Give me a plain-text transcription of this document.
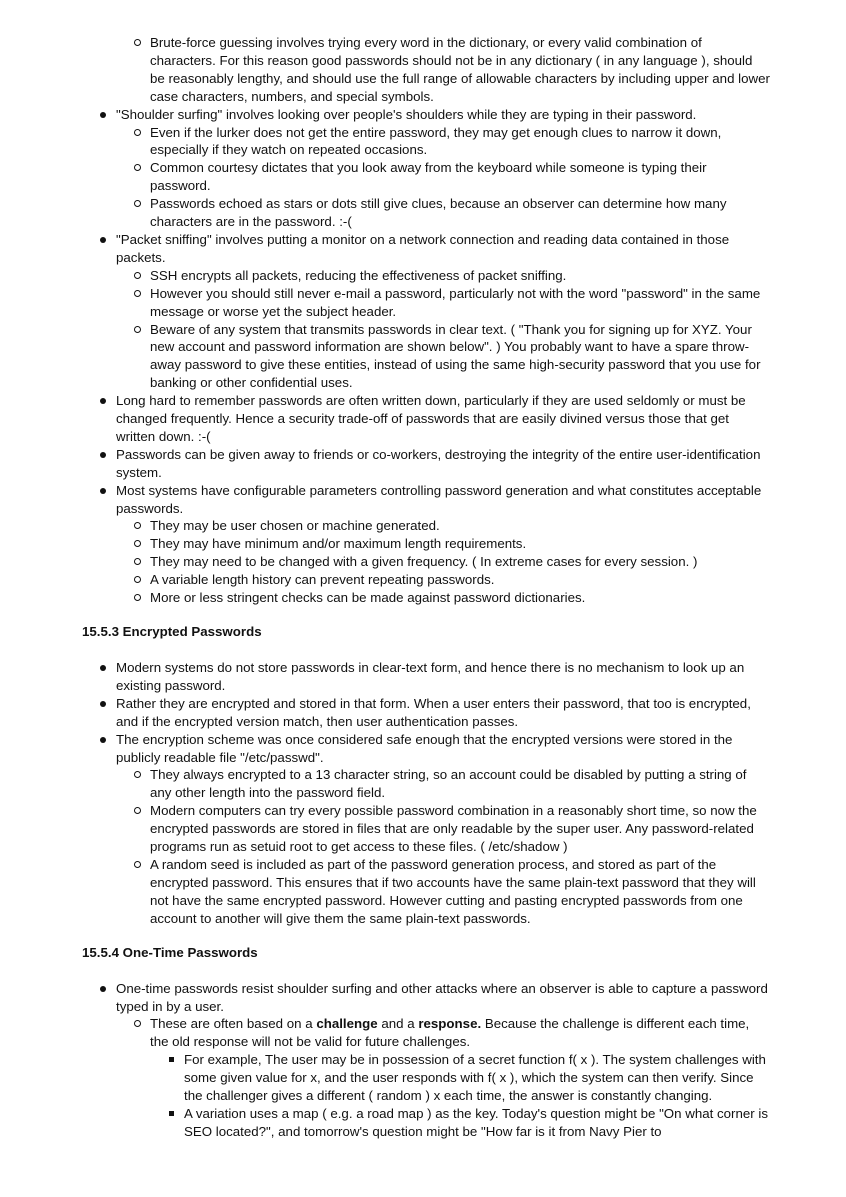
Brute-force guessing involves trying every word in the dictionary, or every valid combination of characters. For this reason good passwords should not be in any dictionary ( in any language ), should be reasonably lengthy, and should use the full range of allowable characters by including upper and lower case characters, numbers, and special symbols.
"Shoulder surfing" involves looking over people's shoulders while they are typing in their password.
Even if the lurker does not get the entire password, they may get enough clues to narrow it down, especially if they watch on repeated occasions.
Common courtesy dictates that you look away from the keyboard while someone is typing their password.
Passwords echoed as stars or dots still give clues, because an observer can determine how many characters are in the password. :-(
"Packet sniffing" involves putting a monitor on a network connection and reading data contained in those packets.
SSH encrypts all packets, reducing the effectiveness of packet sniffing.
However you should still never e-mail a password, particularly not with the word "password" in the same message or worse yet the subject header.
Beware of any system that transmits passwords in clear text. ( "Thank you for signing up for XYZ. Your new account and password information are shown below". ) You probably want to have a spare throw-away password to give these entities, instead of using the same high-security password that you use for banking or other confidential uses.
Long hard to remember passwords are often written down, particularly if they are used seldomly or must be changed frequently. Hence a security trade-off of passwords that are easily divined versus those that get written down. :-(
Passwords can be given away to friends or co-workers, destroying the integrity of the entire user-identification system.
Most systems have configurable parameters controlling password generation and what constitutes acceptable passwords.
They may be user chosen or machine generated.
They may have minimum and/or maximum length requirements.
They may need to be changed with a given frequency. ( In extreme cases for every session. )
A variable length history can prevent repeating passwords.
More or less stringent checks can be made against password dictionaries.
15.5.3 Encrypted Passwords
Modern systems do not store passwords in clear-text form, and hence there is no mechanism to look up an existing password.
Rather they are encrypted and stored in that form. When a user enters their password, that too is encrypted, and if the encrypted version match, then user authentication passes.
The encryption scheme was once considered safe enough that the encrypted versions were stored in the publicly readable file "/etc/passwd".
They always encrypted to a 13 character string, so an account could be disabled by putting a string of any other length into the password field.
Modern computers can try every possible password combination in a reasonably short time, so now the encrypted passwords are stored in files that are only readable by the super user. Any password-related programs run as setuid root to get access to these files. ( /etc/shadow )
A random seed is included as part of the password generation process, and stored as part of the encrypted password. This ensures that if two accounts have the same plain-text password that they will not have the same encrypted password. However cutting and pasting encrypted passwords from one account to another will give them the same plain-text passwords.
15.5.4 One-Time Passwords
One-time passwords resist shoulder surfing and other attacks where an observer is able to capture a password typed in by a user.
These are often based on a challenge and a response. Because the challenge is different each time, the old response will not be valid for future challenges.
For example, The user may be in possession of a secret function f( x ). The system challenges with some given value for x, and the user responds with f( x ), which the system can then verify. Since the challenger gives a different ( random ) x each time, the answer is constantly changing.
A variation uses a map ( e.g. a road map ) as the key. Today's question might be "On what corner is SEO located?", and tomorrow's question might be "How far is it from Navy Pier to
